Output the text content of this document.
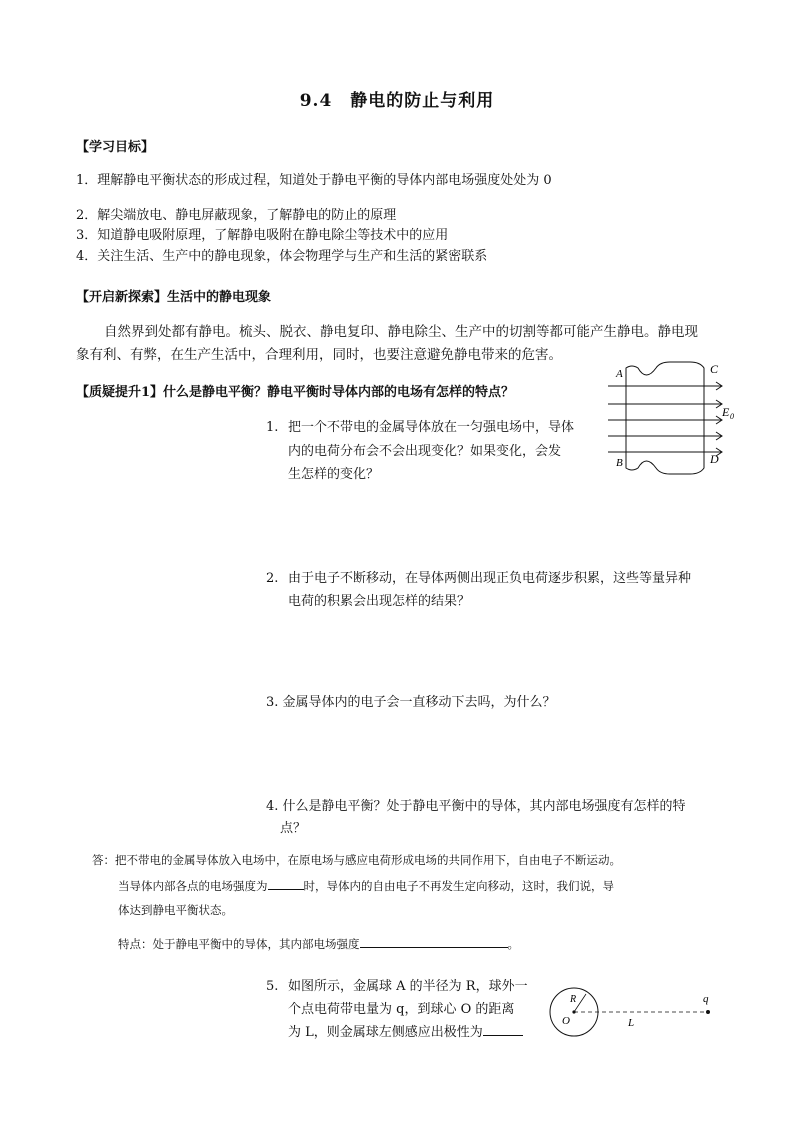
9.4　静电的防止与利用
【学习目标】
1．理解静电平衡状态的形成过程，知道处于静电平衡的导体内部电场强度处处为 0
2．解尖端放电、静电屏蔽现象，了解静电的防止的原理
3．知道静电吸附原理，了解静电吸附在静电除尘等技术中的应用
4．关注生活、生产中的静电现象，体会物理学与生产和生活的紧密联系
【开启新探索】生活中的静电现象
自然界到处都有静电。梳头、脱衣、静电复印、静电除尘、生产中的切割等都可能产生静电。静电现
象有利、有弊，在生产生活中，合理利用，同时，也要注意避免静电带来的危害。
【质疑提升1】什么是静电平衡？静电平衡时导体内部的电场有怎样的特点？
1. 把一个不带电的金属导体放在一匀强电场中，导体
内的电荷分布会不会出现变化？如果变化，会发
生怎样的变化？
A
B
C
D
E 0
2. 由于电子不断移动，在导体两侧出现正负电荷逐步积累，这些等量异种
电荷的积累会出现怎样的结果？
3. 金属导体内的电子会一直移动下去吗，为什么？
4. 什么是静电平衡？处于静电平衡中的导体，其内部电场强度有怎样的特
点？
答：把不带电的金属导体放入电场中，在原电场与感应电荷形成电场的共同作用下，自由电子不断运动。
当导体内部各点的电场强度为	时，导体内的自由电子不再发生定向移动，这时，我们说，导
体达到静电平衡状态。
特点：处于静电平衡中的导体，其内部电场强度	。
5. 如图所示，金属球 A 的半径为 R，球外一
个点电荷带电量为 q，到球心 O 的距离
为 L，则金属球左侧感应出极性为
R
O	L
q
